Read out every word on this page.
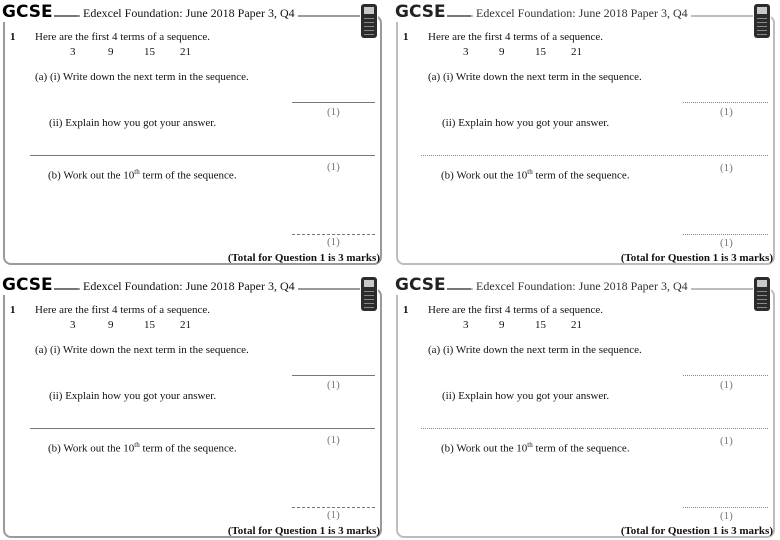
GCSE	Edexcel Foundation: June 2018 Paper 3, Q4
1 Here are the first 4 terms of a sequence.
3	9	15 21
(a) (i) Write down the next term in the sequence.
(1)
(ii) Explain how you got your answer.
(1)
(b) Work out the 10th term of the sequence.
(1)
(Total for Question 1 is 3 marks)
GCSE	Edexcel Foundation: June 2018 Paper 3, Q4
1 Here are the first 4 terms of a sequence.
3	9	15 21
(a) (i) Write down the next term in the sequence.
(1)
(ii) Explain how you got your answer.
(1)
(b) Work out the 10th term of the sequence.
(1)
(Total for Question 1 is 3 marks)
GCSE	Edexcel Foundation: June 2018 Paper 3, Q4
1 Here are the first 4 terms of a sequence.
3	9	15 21
(a) (i) Write down the next term in the sequence.
(1)
(ii) Explain how you got your answer.
(1)
(b) Work out the 10th term of the sequence.
(1)
(Total for Question 1 is 3 marks)
GCSE	Edexcel Foundation: June 2018 Paper 3, Q4
1 Here are the first 4 terms of a sequence.
3	9	15 21
(a) (i) Write down the next term in the sequence.
(1)
(ii) Explain how you got your answer.
(1)
(b) Work out the 10th term of the sequence.
(1)
(Total for Question 1 is 3 marks)
